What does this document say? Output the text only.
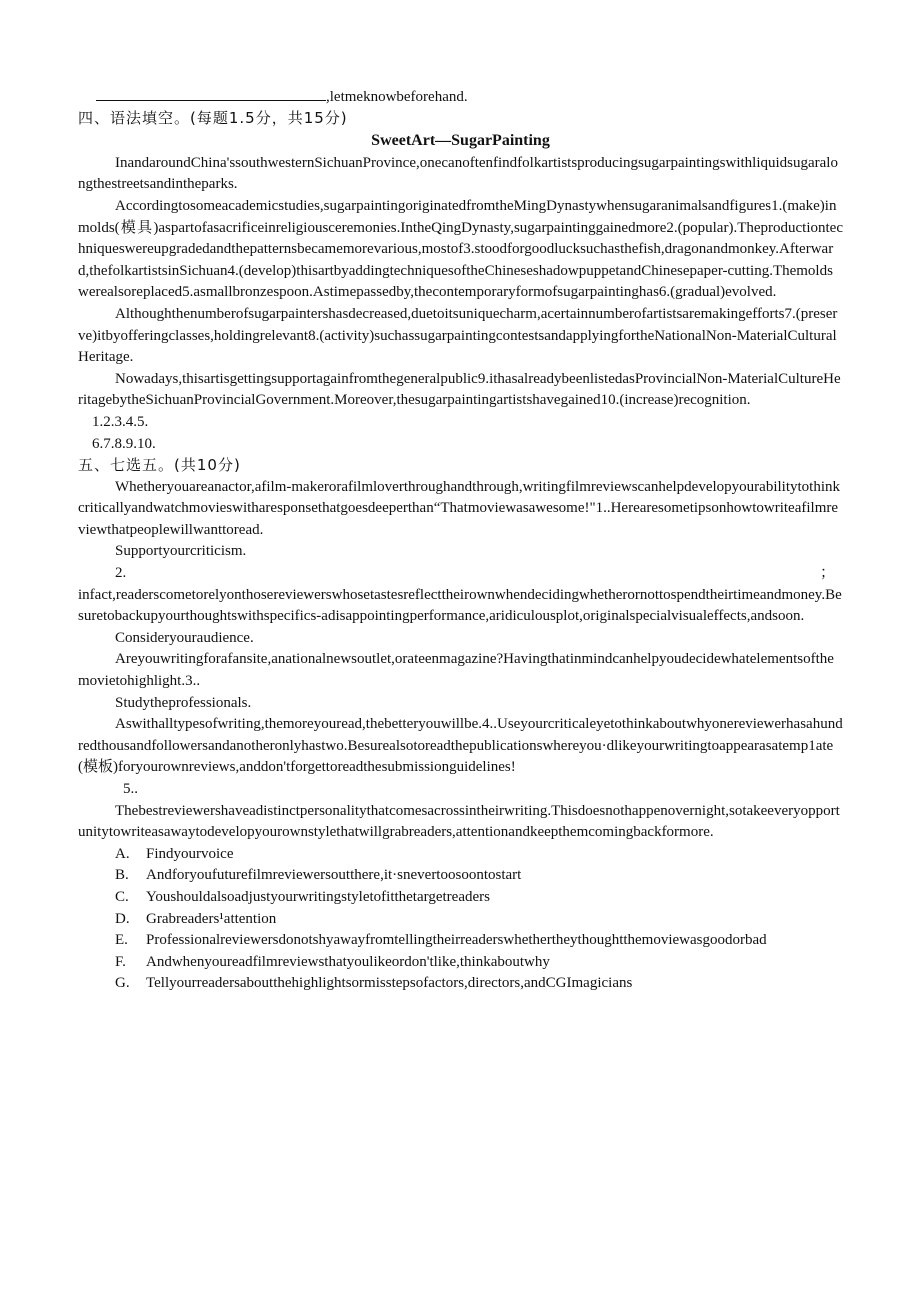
,letmeknowbeforehand.
四、语法填空。(每题1.5分，共15分)
SweetArt—SugarPainting
InandaroundChina'ssouthwesternSichuanProvince,onecanoftenfindfolkartistsproducingsugarpaintingswithliquidsugaralongthestreetsandintheparks.
Accordingtosomeacademicstudies,sugarpaintingoriginatedfromtheMingDynastywhensugaranimalsandfigures1.(make)inmolds(模具)aspartofasacrificeinreligiousceremonies.IntheQingDynasty,sugarpaintinggainedmore2.(popular).Theproductiontechniqueswereupgradedandthepatternsbecamemorevarious,mostof3.stoodforgoodlucksuchasthefish,dragonandmonkey.Afterward,thefolkartistsinSichuan4.(develop)thisartbyaddingtechniquesoftheChineseshadowpuppetandChinesepaper-cutting.Themoldswerealsoreplaced5.asmallbronzespoon.Astimepassedby,thecontemporaryformofsugarpaintinghas6.(gradual)evolved.
Althoughthenumberofsugarpaintershasdecreased,duetoitsuniquecharm,acertainnumberofartistsaremakingefforts7.(preserve)itbyofferingclasses,holdingrelevant8.(activity)suchassugarpaintingcontestsandapplyingfortheNationalNon-MaterialCulturalHeritage.
Nowadays,thisartisgettingsupportagainfromthegeneralpublic9.ithasalreadybeenlistedasProvincialNon-MaterialCultureHeritagebytheSichuanProvincialGovernment.Moreover,thesugarpaintingartistshavegained10.(increase)recognition.
1.2.3.4.5.
6.7.8.9.10.
五、七选五。(共10分)
Whetheryouareanactor,afilm-makerorafilmloverthroughandthrough,writingfilmreviewscanhelpdevelopyourabilitytothinkcriticallyandwatchmovieswitharesponsethatgoesdeeperthan“Thatmoviewasawesome!"1..Herearesometipsonhowtowriteafilmreviewthatpeoplewillwanttoread.
Supportyourcriticism.
2.	；
infact,readerscometorelyonthosereviewerswhosetastesreflecttheirownwhendecidingwhetherornottospendtheirtimeandmoney.Besuretobackupyourthoughtswithspecifics-adisappointingperformance,aridiculousplot,originalspecialvisualeffects,andsoon.
Consideryouraudience.
Areyouwritingforafansite,anationalnewsoutlet,orateenmagazine?Havingthatinmindcanhelpyoudecidewhatelementsofthemovietohighlight.3..
Studytheprofessionals.
Aswithalltypesofwriting,themoreyouread,thebetteryouwillbe.4..Useyourcriticaleyetothinkaboutwhyonereviewerhasahundredthousandfollowersandanotheronlyhastwo.Besurealsotoreadthepublicationswhereyou·dlikeyourwritingtoappearasatemp1ate(模板)foryourownreviews,anddon'tforgettoreadthesubmissionguidelines!
5..
Thebestreviewershaveadistinctpersonalitythatcomesacrossintheirwriting.Thisdoesnothappenovernight,sotakeeveryopportunitytowriteasawaytodevelopyourownstylethatwillgrabreaders,attentionandkeepthemcomingbackformore.
A.	Findyourvoice
B.	Andforyoufuturefilmreviewersoutthere,it·snevertoosoontostart
C.	Youshouldalsoadjustyourwritingstyletofitthetargetreaders
D.	Grabreaders¹attention
E.	Professionalreviewersdonotshyawayfromtellingtheirreaderswhethertheythoughtthemoviewasgoodorbad
F.	Andwhenyoureadfilmreviewsthatyoulikeordon'tlike,thinkaboutwhy
G.	Tellyourreadersaboutthehighlightsormisstepsofactors,directors,andCGImagicians
